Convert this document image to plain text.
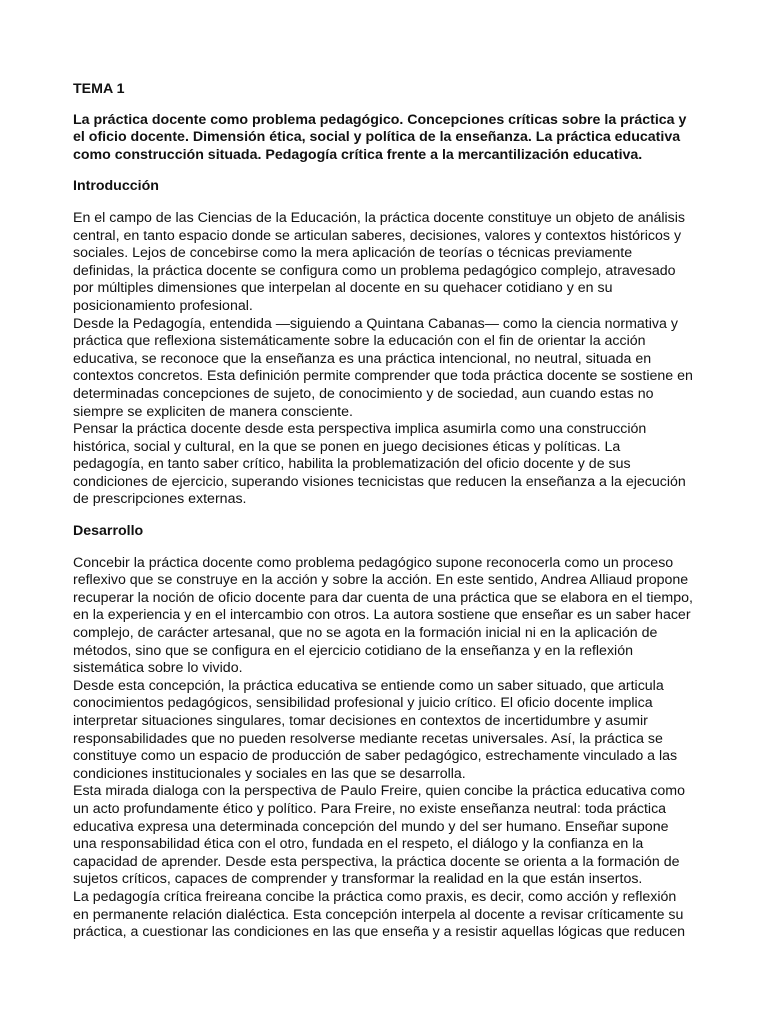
TEMA 1
La práctica docente como problema pedagógico. Concepciones críticas sobre la práctica y el oficio docente. Dimensión ética, social y política de la enseñanza. La práctica educativa como construcción situada. Pedagogía crítica frente a la mercantilización educativa.
Introducción

En el campo de las Ciencias de la Educación, la práctica docente constituye un objeto de análisis central, en tanto espacio donde se articulan saberes, decisiones, valores y contextos históricos y sociales. Lejos de concebirse como la mera aplicación de teorías o técnicas previamente definidas, la práctica docente se configura como un problema pedagógico complejo, atravesado por múltiples dimensiones que interpelan al docente en su quehacer cotidiano y en su posicionamiento profesional.

Desde la Pedagogía, entendida —siguiendo a Quintana Cabanas— como la ciencia normativa y práctica que reflexiona sistemáticamente sobre la educación con el fin de orientar la acción educativa, se reconoce que la enseñanza es una práctica intencional, no neutral, situada en contextos concretos. Esta definición permite comprender que toda práctica docente se sostiene en determinadas concepciones de sujeto, de conocimiento y de sociedad, aun cuando estas no siempre se expliciten de manera consciente.

Pensar la práctica docente desde esta perspectiva implica asumirla como una construcción histórica, social y cultural, en la que se ponen en juego decisiones éticas y políticas. La pedagogía, en tanto saber crítico, habilita la problematización del oficio docente y de sus condiciones de ejercicio, superando visiones tecnicistas que reducen la enseñanza a la ejecución de prescripciones externas.

Desarrollo

Concebir la práctica docente como problema pedagógico supone reconocerla como un proceso reflexivo que se construye en la acción y sobre la acción. En este sentido, Andrea Alliaud propone recuperar la noción de oficio docente para dar cuenta de una práctica que se elabora en el tiempo, en la experiencia y en el intercambio con otros. La autora sostiene que enseñar es un saber hacer complejo, de carácter artesanal, que no se agota en la formación inicial ni en la aplicación de métodos, sino que se configura en el ejercicio cotidiano de la enseñanza y en la reflexión sistemática sobre lo vivido.

Desde esta concepción, la práctica educativa se entiende como un saber situado, que articula conocimientos pedagógicos, sensibilidad profesional y juicio crítico. El oficio docente implica interpretar situaciones singulares, tomar decisiones en contextos de incertidumbre y asumir responsabilidades que no pueden resolverse mediante recetas universales. Así, la práctica se constituye como un espacio de producción de saber pedagógico, estrechamente vinculado a las condiciones institucionales y sociales en las que se desarrolla.

Esta mirada dialoga con la perspectiva de Paulo Freire, quien concibe la práctica educativa como un acto profundamente ético y político. Para Freire, no existe enseñanza neutral: toda práctica educativa expresa una determinada concepción del mundo y del ser humano. Enseñar supone una responsabilidad ética con el otro, fundada en el respeto, el diálogo y la confianza en la capacidad de aprender. Desde esta perspectiva, la práctica docente se orienta a la formación de sujetos críticos, capaces de comprender y transformar la realidad en la que están insertos.

La pedagogía crítica freireana concibe la práctica como praxis, es decir, como acción y reflexión en permanente relación dialéctica. Esta concepción interpela al docente a revisar críticamente su práctica, a cuestionar las condiciones en las que enseña y a resistir aquellas lógicas que reducen
